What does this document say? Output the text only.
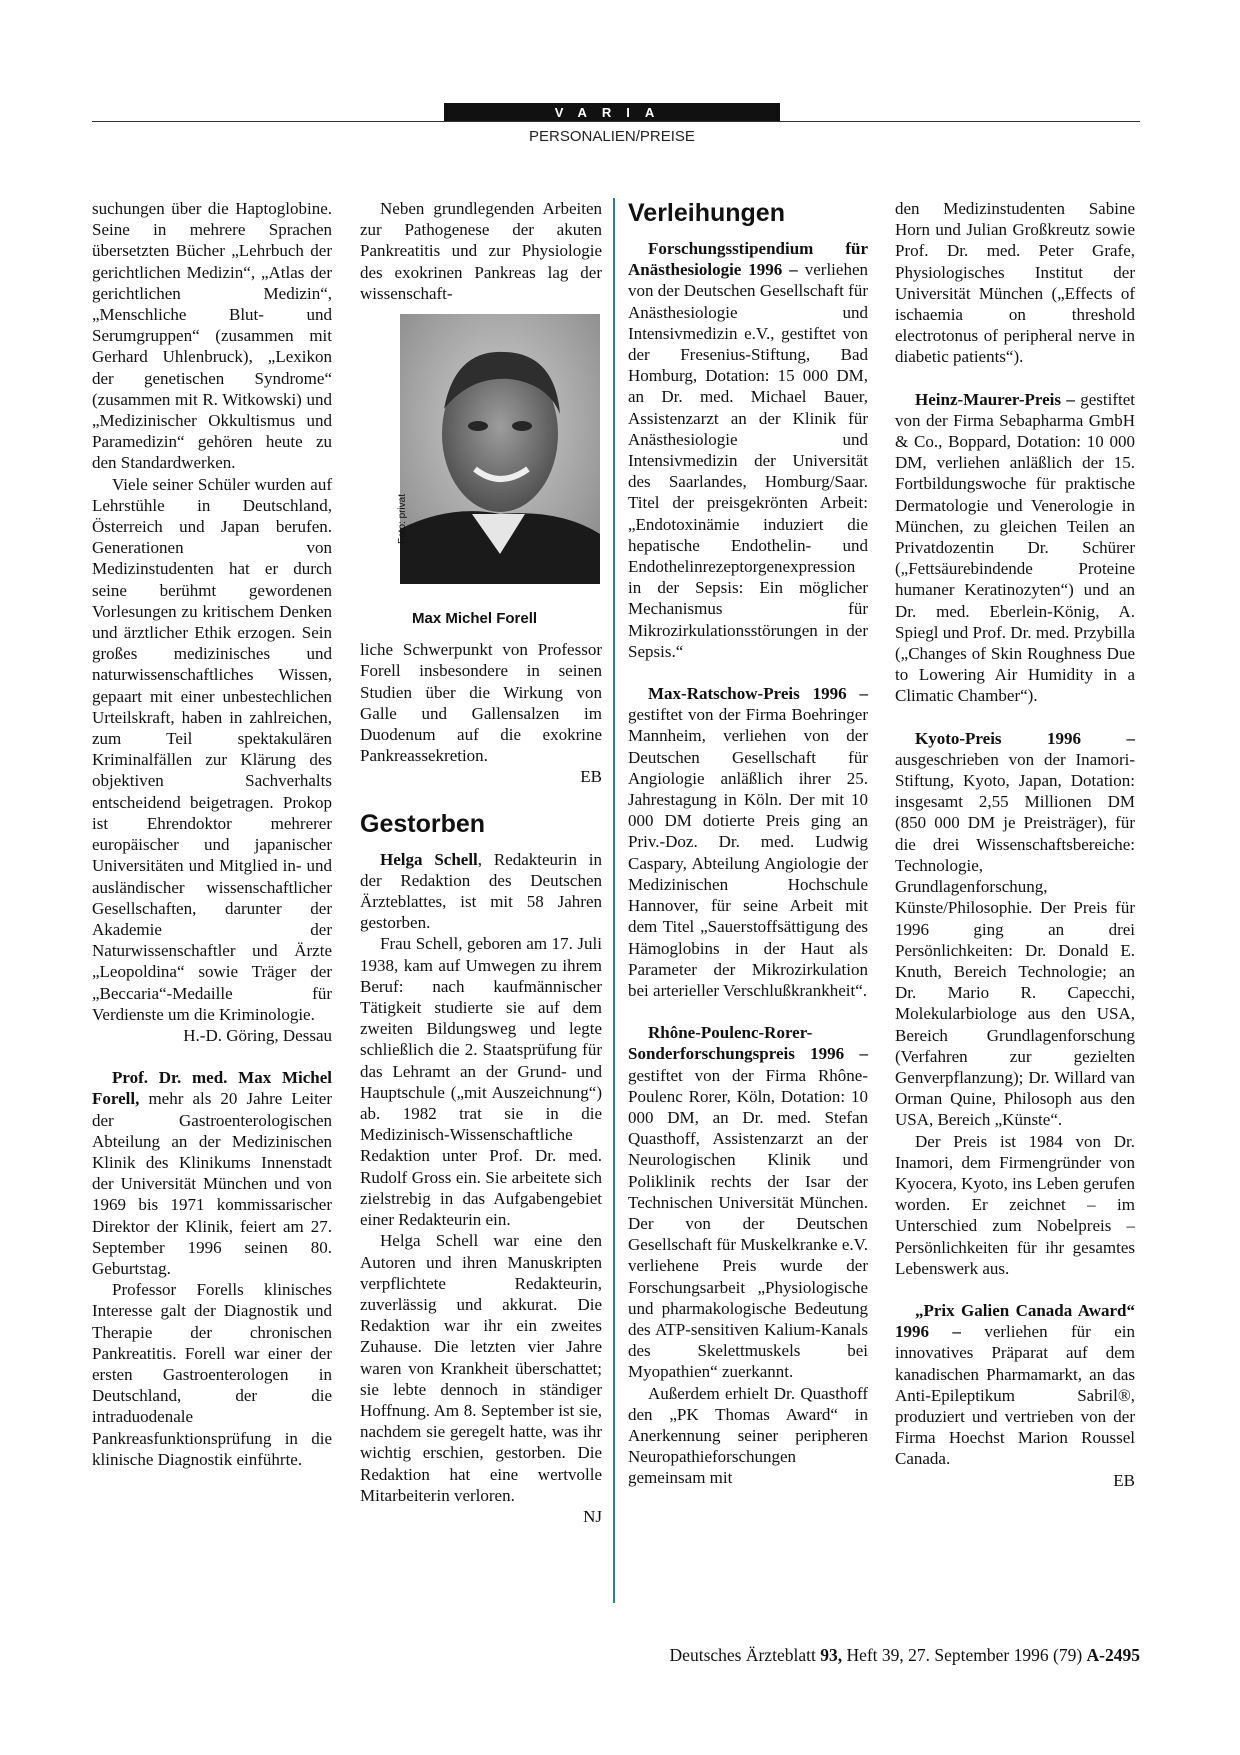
VARIA
PERSONALIEN/PREISE

suchungen über die Haptoglobine. Seine in mehrere Sprachen übersetzten Bücher „Lehrbuch der gerichtlichen Medizin“, „Atlas der gerichtlichen Medizin“, „Menschliche Blut- und Serumgruppen“ (zusammen mit Gerhard Uhlenbruck), „Lexikon der genetischen Syndrome“ (zusammen mit R. Witkowski) und „Medizinischer Okkultismus und Paramedizin“ gehören heute zu den Standardwerken.

Viele seiner Schüler wurden auf Lehrstühle in Deutschland, Österreich und Japan berufen. Generationen von Medizinstudenten hat er durch seine berühmt gewordenen Vorlesungen zu kritischem Denken und ärztlicher Ethik erzogen. Sein großes medizinisches und naturwissenschaftliches Wissen, gepaart mit einer unbestechlichen Urteilskraft, haben in zahlreichen, zum Teil spektakulären Kriminalfällen zur Klärung des objektiven Sachverhalts entscheidend beigetragen. Prokop ist Ehrendoktor mehrerer europäischer und japanischer Universitäten und Mitglied in- und ausländischer wissenschaftlicher Gesellschaften, darunter der Akademie der Naturwissenschaftler und Ärzte „Leopoldina“ sowie Träger der „Beccaria“-Medaille für Verdienste um die Kriminologie.

H.-D. Göring, Dessau

Prof. Dr. med. Max Michel Forell, mehr als 20 Jahre Leiter der Gastroenterologischen Abteilung an der Medizinischen Klinik des Klinikums Innenstadt der Universität München und von 1969 bis 1971 kommissarischer Direktor der Klinik, feiert am 27. September 1996 seinen 80. Geburtstag.

Professor Forells klinisches Interesse galt der Diagnostik und Therapie der chronischen Pankreatitis. Forell war einer der ersten Gastroenterologen in Deutschland, der die intraduodenale Pankreasfunktionsprüfung in die klinische Diagnostik einführte.

Neben grundlegenden Arbeiten zur Pathogenese der akuten Pankreatitis und zur Physiologie des exokrinen Pankreas lag der wissenschaft-

Foto: privat
Max Michel Forell

liche Schwerpunkt von Professor Forell insbesondere in seinen Studien über die Wirkung von Galle und Gallensalzen im Duodenum auf die exokrine Pankreassekretion.

EB

Gestorben

Helga Schell, Redakteurin in der Redaktion des Deutschen Ärzteblattes, ist mit 58 Jahren gestorben.

Frau Schell, geboren am 17. Juli 1938, kam auf Umwegen zu ihrem Beruf: nach kaufmännischer Tätigkeit studierte sie auf dem zweiten Bildungsweg und legte schließlich die 2. Staatsprüfung für das Lehramt an der Grund- und Hauptschule („mit Auszeichnung“) ab. 1982 trat sie in die Medizinisch-Wissenschaftliche Redaktion unter Prof. Dr. med. Rudolf Gross ein. Sie arbeitete sich zielstrebig in das Aufgabengebiet einer Redakteurin ein.

Helga Schell war eine den Autoren und ihren Manuskripten verpflichtete Redakteurin, zuverlässig und akkurat. Die Redaktion war ihr ein zweites Zuhause. Die letzten vier Jahre waren von Krankheit überschattet; sie lebte dennoch in ständiger Hoffnung. Am 8. September ist sie, nachdem sie geregelt hatte, was ihr wichtig erschien, gestorben. Die Redaktion hat eine wertvolle Mitarbeiterin verloren.

NJ

Verleihungen

Forschungsstipendium für Anästhesiologie 1996 – verliehen von der Deutschen Gesellschaft für Anästhesiologie und Intensivmedizin e.V., gestiftet von der Fresenius-Stiftung, Bad Homburg, Dotation: 15 000 DM, an Dr. med. Michael Bauer, Assistenzarzt an der Klinik für Anästhesiologie und Intensivmedizin der Universität des Saarlandes, Homburg/Saar. Titel der preisgekrönten Arbeit: „Endotoxinämie induziert die hepatische Endothelin- und Endothelinrezeptorgenexpression in der Sepsis: Ein möglicher Mechanismus für Mikrozirkulationsstörungen in der Sepsis.“

Max-Ratschow-Preis 1996 – gestiftet von der Firma Boehringer Mannheim, verliehen von der Deutschen Gesellschaft für Angiologie anläßlich ihrer 25. Jahrestagung in Köln. Der mit 10 000 DM dotierte Preis ging an Priv.-Doz. Dr. med. Ludwig Caspary, Abteilung Angiologie der Medizinischen Hochschule Hannover, für seine Arbeit mit dem Titel „Sauerstoffsättigung des Hämoglobins in der Haut als Parameter der Mikrozirkulation bei arterieller Verschlußkrankheit“.

Rhône-Poulenc-Rorer-Sonderforschungspreis 1996 – gestiftet von der Firma Rhône-Poulenc Rorer, Köln, Dotation: 10 000 DM, an Dr. med. Stefan Quasthoff, Assistenzarzt an der Neurologischen Klinik und Poliklinik rechts der Isar der Technischen Universität München. Der von der Deutschen Gesellschaft für Muskelkranke e.V. verliehene Preis wurde der Forschungsarbeit „Physiologische und pharmakologische Bedeutung des ATP-sensitiven Kalium-Kanals des Skelettmuskels bei Myopathien“ zuerkannt.

Außerdem erhielt Dr. Quasthoff den „PK Thomas Award“ in Anerkennung seiner peripheren Neuropathieforschungen gemeinsam mit

den Medizinstudenten Sabine Horn und Julian Großkreutz sowie Prof. Dr. med. Peter Grafe, Physiologisches Institut der Universität München („Effects of ischaemia on threshold electrotonus of peripheral nerve in diabetic patients“).

Heinz-Maurer-Preis – gestiftet von der Firma Sebapharma GmbH & Co., Boppard, Dotation: 10 000 DM, verliehen anläßlich der 15. Fortbildungswoche für praktische Dermatologie und Venerologie in München, zu gleichen Teilen an Privatdozentin Dr. Schürer („Fettsäurebindende Proteine humaner Keratinozyten“) und an Dr. med. Eberlein-König, A. Spiegl und Prof. Dr. med. Przybilla („Changes of Skin Roughness Due to Lowering Air Humidity in a Climatic Chamber“).

Kyoto-Preis 1996 – ausgeschrieben von der Inamori-Stiftung, Kyoto, Japan, Dotation: insgesamt 2,55 Millionen DM (850 000 DM je Preisträger), für die drei Wissenschaftsbereiche: Technologie, Grundlagenforschung, Künste/Philosophie. Der Preis für 1996 ging an drei Persönlichkeiten: Dr. Donald E. Knuth, Bereich Technologie; an Dr. Mario R. Capecchi, Molekularbiologe aus den USA, Bereich Grundlagenforschung (Verfahren zur gezielten Genverpflanzung); Dr. Willard van Orman Quine, Philosoph aus den USA, Bereich „Künste“.

Der Preis ist 1984 von Dr. Inamori, dem Firmengründer von Kyocera, Kyoto, ins Leben gerufen worden. Er zeichnet – im Unterschied zum Nobelpreis – Persönlichkeiten für ihr gesamtes Lebenswerk aus.

„Prix Galien Canada Award“ 1996 – verliehen für ein innovatives Präparat auf dem kanadischen Pharmamarkt, an das Anti-Epileptikum Sabril®, produziert und vertrieben von der Firma Hoechst Marion Roussel Canada.

EB

Deutsches Ärzteblatt 93, Heft 39, 27. September 1996 (79) A-2495
